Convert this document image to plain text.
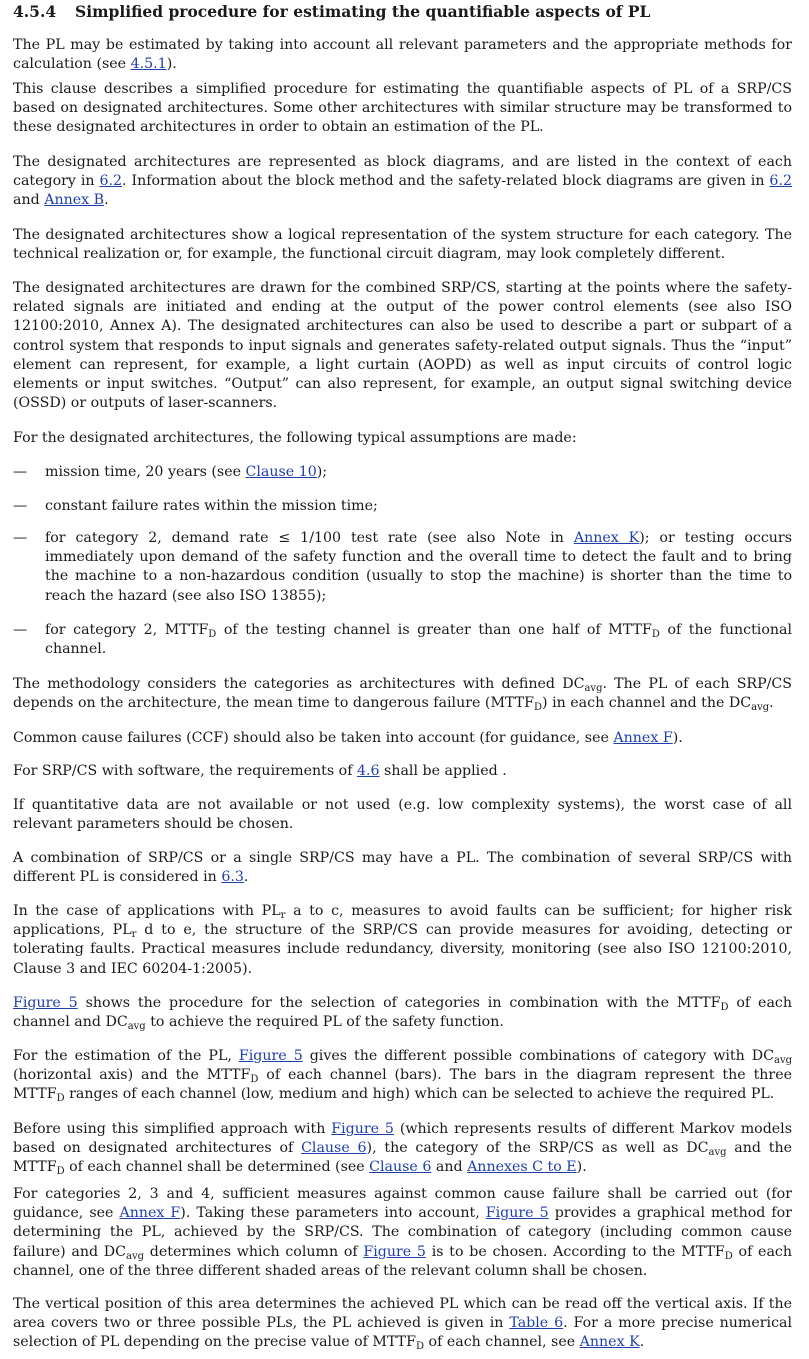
4.5.4 Simplified procedure for estimating the quantifiable aspects of PL

The PL may be estimated by taking into account all relevant parameters and the appropriate methods for calculation (see 4.5.1).

This clause describes a simplified procedure for estimating the quantifiable aspects of PL of a SRP/CS based on designated architectures. Some other architectures with similar structure may be transformed to these designated architectures in order to obtain an estimation of the PL.

The designated architectures are represented as block diagrams, and are listed in the context of each category in 6.2. Information about the block method and the safety-related block diagrams are given in 6.2 and Annex B.

The designated architectures show a logical representation of the system structure for each category. The technical realization or, for example, the functional circuit diagram, may look completely different.

The designated architectures are drawn for the combined SRP/CS, starting at the points where the safety-related signals are initiated and ending at the output of the power control elements (see also ISO 12100:2010, Annex A). The designated architectures can also be used to describe a part or subpart of a control system that responds to input signals and generates safety-related output signals. Thus the “input” element can represent, for example, a light curtain (AOPD) as well as input circuits of control logic elements or input switches. “Output” can also represent, for example, an output signal switching device (OSSD) or outputs of laser-scanners.

For the designated architectures, the following typical assumptions are made:

— mission time, 20 years (see Clause 10);
— constant failure rates within the mission time;
— for category 2, demand rate ≤ 1/100 test rate (see also Note in Annex K); or testing occurs immediately upon demand of the safety function and the overall time to detect the fault and to bring the machine to a non-hazardous condition (usually to stop the machine) is shorter than the time to reach the hazard (see also ISO 13855);
— for category 2, $MTTF_D$ of the testing channel is greater than one half of $MTTF_D$ of the functional channel.

The methodology considers the categories as architectures with defined $DC_{avg}$. The PL of each SRP/CS depends on the architecture, the mean time to dangerous failure $(MTTF_D)$ in each channel and the $DC_{avg}$.

Common cause failures (CCF) should also be taken into account (for guidance, see Annex F).

For SRP/CS with software, the requirements of 4.6 shall be applied .

If quantitative data are not available or not used (e.g. low complexity systems), the worst case of all relevant parameters should be chosen.

A combination of SRP/CS or a single SRP/CS may have a PL. The combination of several SRP/CS with different PL is considered in 6.3.

In the case of applications with $PL_r$ a to c, measures to avoid faults can be sufficient; for higher risk applications, $PL_r$ d to e, the structure of the SRP/CS can provide measures for avoiding, detecting or tolerating faults. Practical measures include redundancy, diversity, monitoring (see also ISO 12100:2010, Clause 3 and IEC 60204-1:2005).

Figure 5 shows the procedure for the selection of categories in combination with the $MTTF_D$ of each channel and $DC_{avg}$ to achieve the required PL of the safety function.

For the estimation of the PL, Figure 5 gives the different possible combinations of category with $DC_{avg}$ (horizontal axis) and the $MTTF_D$ of each channel (bars). The bars in the diagram represent the three $MTTF_D$ ranges of each channel (low, medium and high) which can be selected to achieve the required PL.

Before using this simplified approach with Figure 5 (which represents results of different Markov models based on designated architectures of Clause 6), the category of the SRP/CS as well as $DC_{avg}$ and the $MTTF_D$ of each channel shall be determined (see Clause 6 and Annexes C to E).

For categories 2, 3 and 4, sufficient measures against common cause failure shall be carried out (for guidance, see Annex F). Taking these parameters into account, Figure 5 provides a graphical method for determining the PL, achieved by the SRP/CS. The combination of category (including common cause failure) and $DC_{avg}$ determines which column of Figure 5 is to be chosen. According to the $MTTF_D$ of each channel, one of the three different shaded areas of the relevant column shall be chosen.

The vertical position of this area determines the achieved PL which can be read off the vertical axis. If the area covers two or three possible PLs, the PL achieved is given in Table 6. For a more precise numerical selection of PL depending on the precise value of $MTTF_D$ of each channel, see Annex K.
